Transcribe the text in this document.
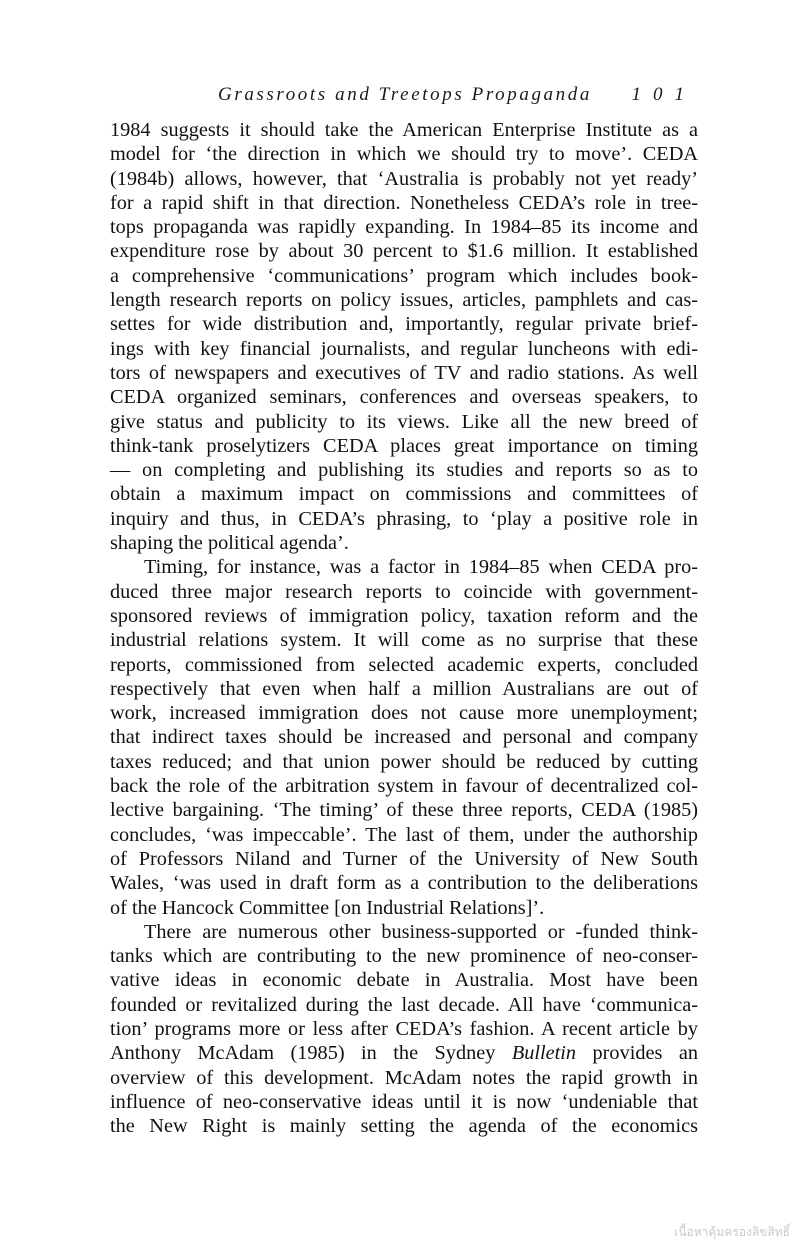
Grassroots and Treetops Propaganda 101
1984 suggests it should take the American Enterprise Institute as a
model for ‘the direction in which we should try to move’. CEDA
(1984b) allows, however, that ‘Australia is probably not yet ready’
for a rapid shift in that direction. Nonetheless CEDA’s role in tree-
tops propaganda was rapidly expanding. In 1984–85 its income and
expenditure rose by about 30 percent to $1.6 million. It established
a comprehensive ‘communications’ program which includes book-
length research reports on policy issues, articles, pamphlets and cas-
settes for wide distribution and, importantly, regular private brief-
ings with key financial journalists, and regular luncheons with edi-
tors of newspapers and executives of TV and radio stations. As well
CEDA organized seminars, conferences and overseas speakers, to
give status and publicity to its views. Like all the new breed of
think-tank proselytizers CEDA places great importance on timing
— on completing and publishing its studies and reports so as to
obtain a maximum impact on commissions and committees of
inquiry and thus, in CEDA’s phrasing, to ‘play a positive role in
shaping the political agenda’.
Timing, for instance, was a factor in 1984–85 when CEDA pro-
duced three major research reports to coincide with government-
sponsored reviews of immigration policy, taxation reform and the
industrial relations system. It will come as no surprise that these
reports, commissioned from selected academic experts, concluded
respectively that even when half a million Australians are out of
work, increased immigration does not cause more unemployment;
that indirect taxes should be increased and personal and company
taxes reduced; and that union power should be reduced by cutting
back the role of the arbitration system in favour of decentralized col-
lective bargaining. ‘The timing’ of these three reports, CEDA (1985)
concludes, ‘was impeccable’. The last of them, under the authorship
of Professors Niland and Turner of the University of New South
Wales, ‘was used in draft form as a contribution to the deliberations
of the Hancock Committee [on Industrial Relations]’.
There are numerous other business-supported or -funded think-
tanks which are contributing to the new prominence of neo-conser-
vative ideas in economic debate in Australia. Most have been
founded or revitalized during the last decade. All have ‘communica-
tion’ programs more or less after CEDA’s fashion. A recent article by
Anthony McAdam (1985) in the Sydney Bulletin provides an
overview of this development. McAdam notes the rapid growth in
influence of neo-conservative ideas until it is now ‘undeniable that
the New Right is mainly setting the agenda of the economics
เนื้อหาคุ้มครองลิขสิทธิ์
